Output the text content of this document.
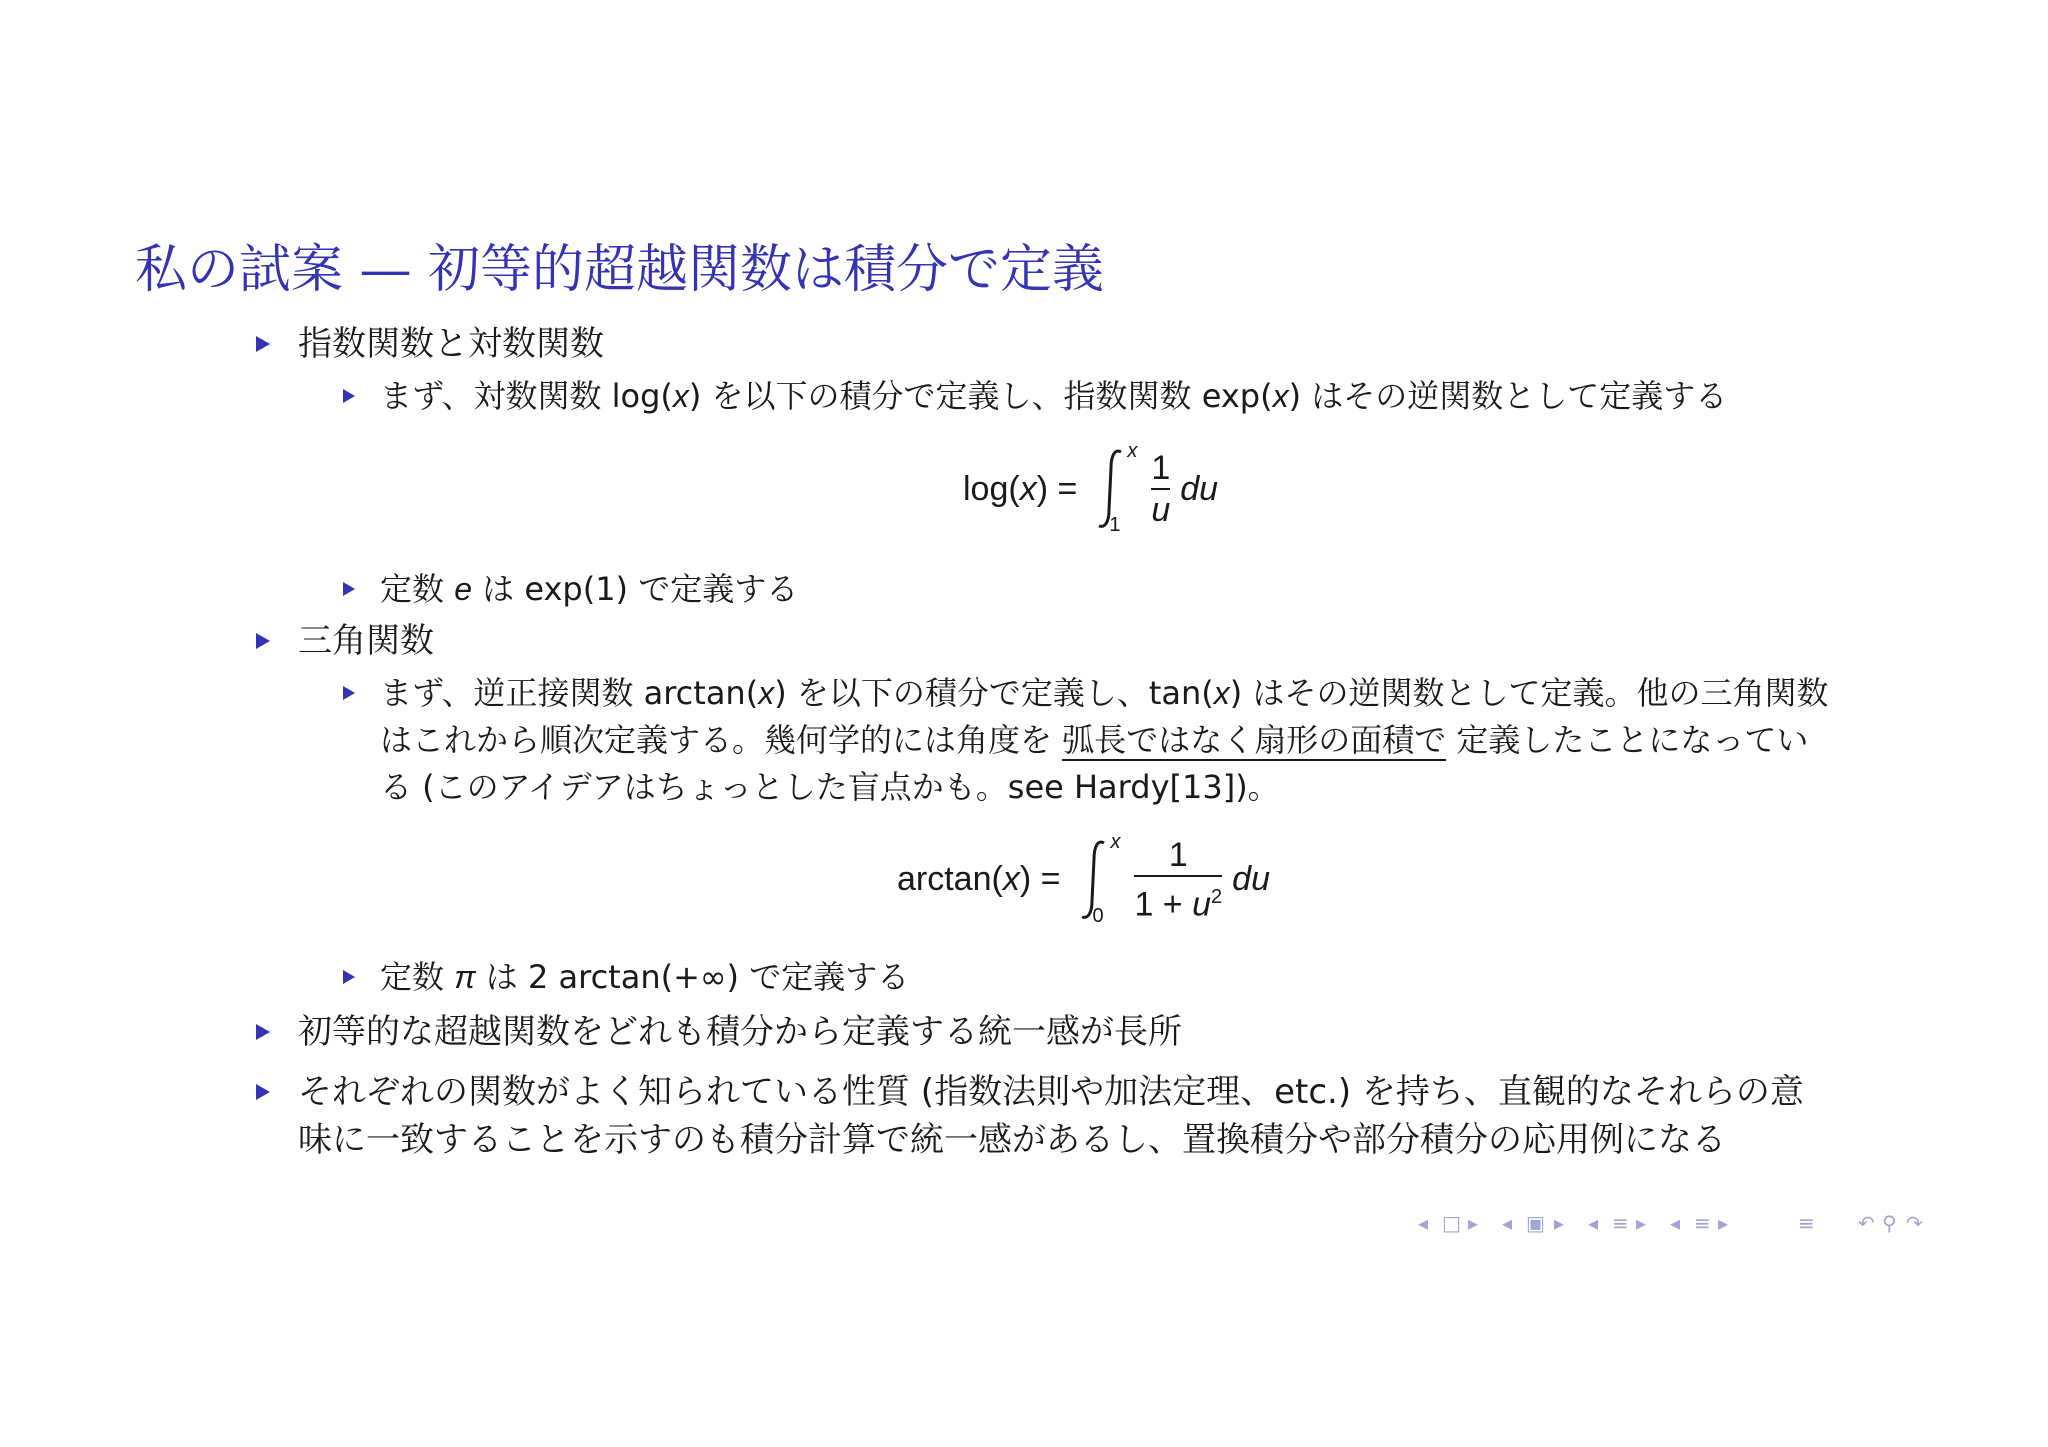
私の試案 — 初等的超越関数は積分で定義
指数関数と対数関数
まず、対数関数 log(x) を以下の積分で定義し、指数関数 exp(x) はその逆関数として定義する
log(x) =
x
$1 \frac{1}{u}$ du
定数 e は exp(1) で定義する
三角関数
まず、逆正接関数 arctan(x) を以下の積分で定義し、tan(x) はその逆関数として定義。他の三角関数はこれから順次定義する。幾何学的には角度を 弧長ではなく扇形の面積で 定義したことになっている (このアイデアはちょっとした盲点かも。see Hardy[13])。
arctan(x) =
x
$0 \frac{1}{1 + u^2}$ du
定数 π は 2 arctan(+∞) で定義する
初等的な超越関数をどれも積分から定義する統一感が長所
それぞれの関数がよく知られている性質 (指数法則や加法定理、etc.) を持ち、直観的なそれらの意味に一致することを示すのも積分計算で統一感があるし、置換積分や部分積分の応用例になる
◂ □ ▸ ◂ ▣ ▸ ◂ ≡ ▸ ◂ ≡ ▸	≡ ↶ ⚲ ↷
